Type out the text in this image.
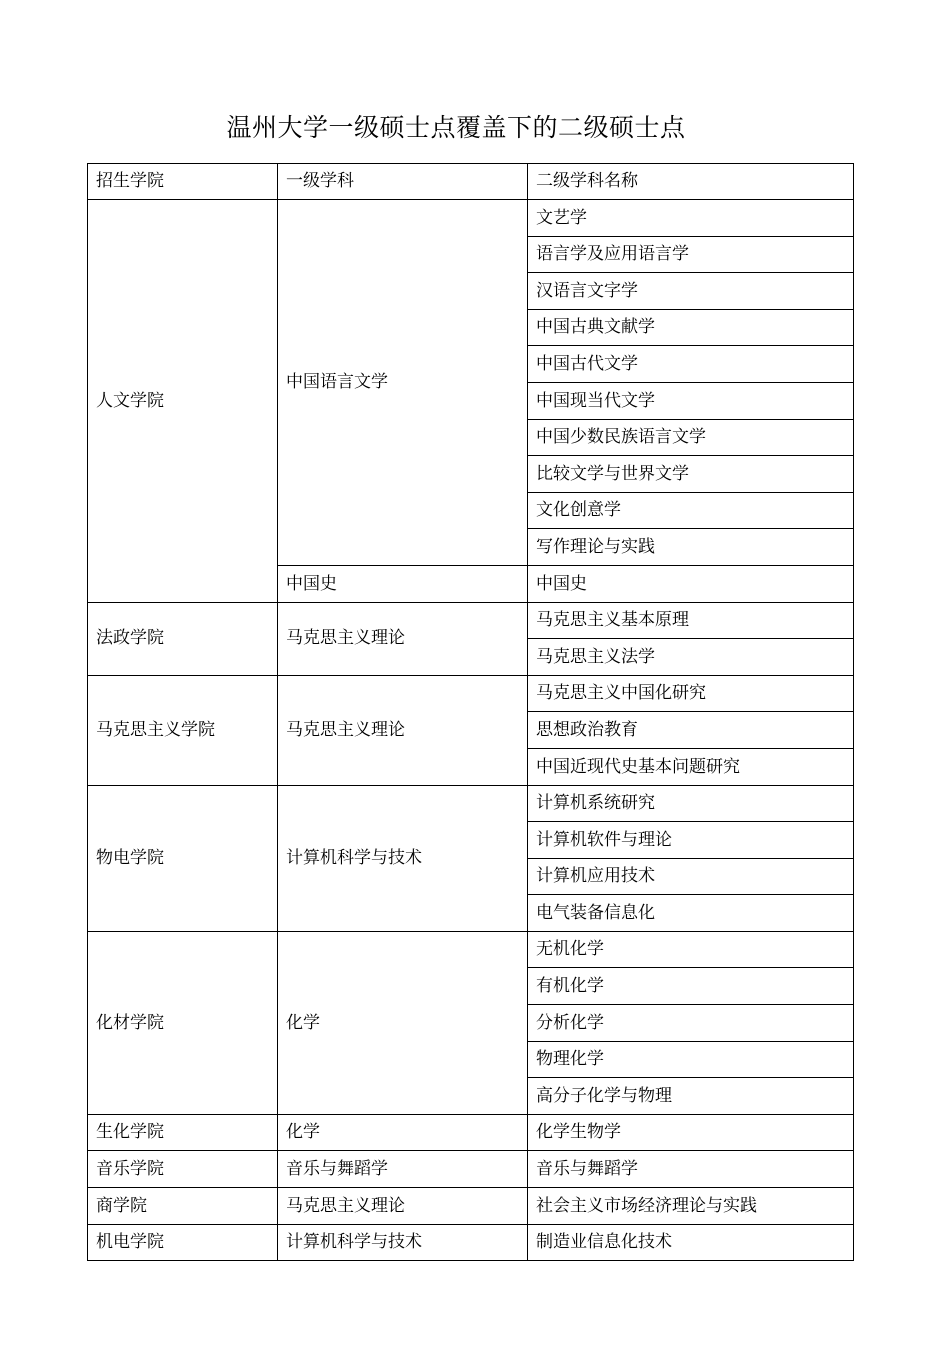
温州大学一级硕士点覆盖下的二级硕士点
招生学院	一级学科	二级学科名称
人文学院	中国语言文学	文艺学
		语言学及应用语言学
		汉语言文字学
		中国古典文献学
		中国古代文学
		中国现当代文学
		中国少数民族语言文学
		比较文学与世界文学
		文化创意学
		写作理论与实践
	中国史	中国史
法政学院	马克思主义理论	马克思主义基本原理
		马克思主义法学
马克思主义学院	马克思主义理论	马克思主义中国化研究
		思想政治教育
		中国近现代史基本问题研究
物电学院	计算机科学与技术	计算机系统研究
		计算机软件与理论
		计算机应用技术
		电气装备信息化
化材学院	化学	无机化学
		有机化学
		分析化学
		物理化学
		高分子化学与物理
生化学院	化学	化学生物学
音乐学院	音乐与舞蹈学	音乐与舞蹈学
商学院	马克思主义理论	社会主义市场经济理论与实践
机电学院	计算机科学与技术	制造业信息化技术
